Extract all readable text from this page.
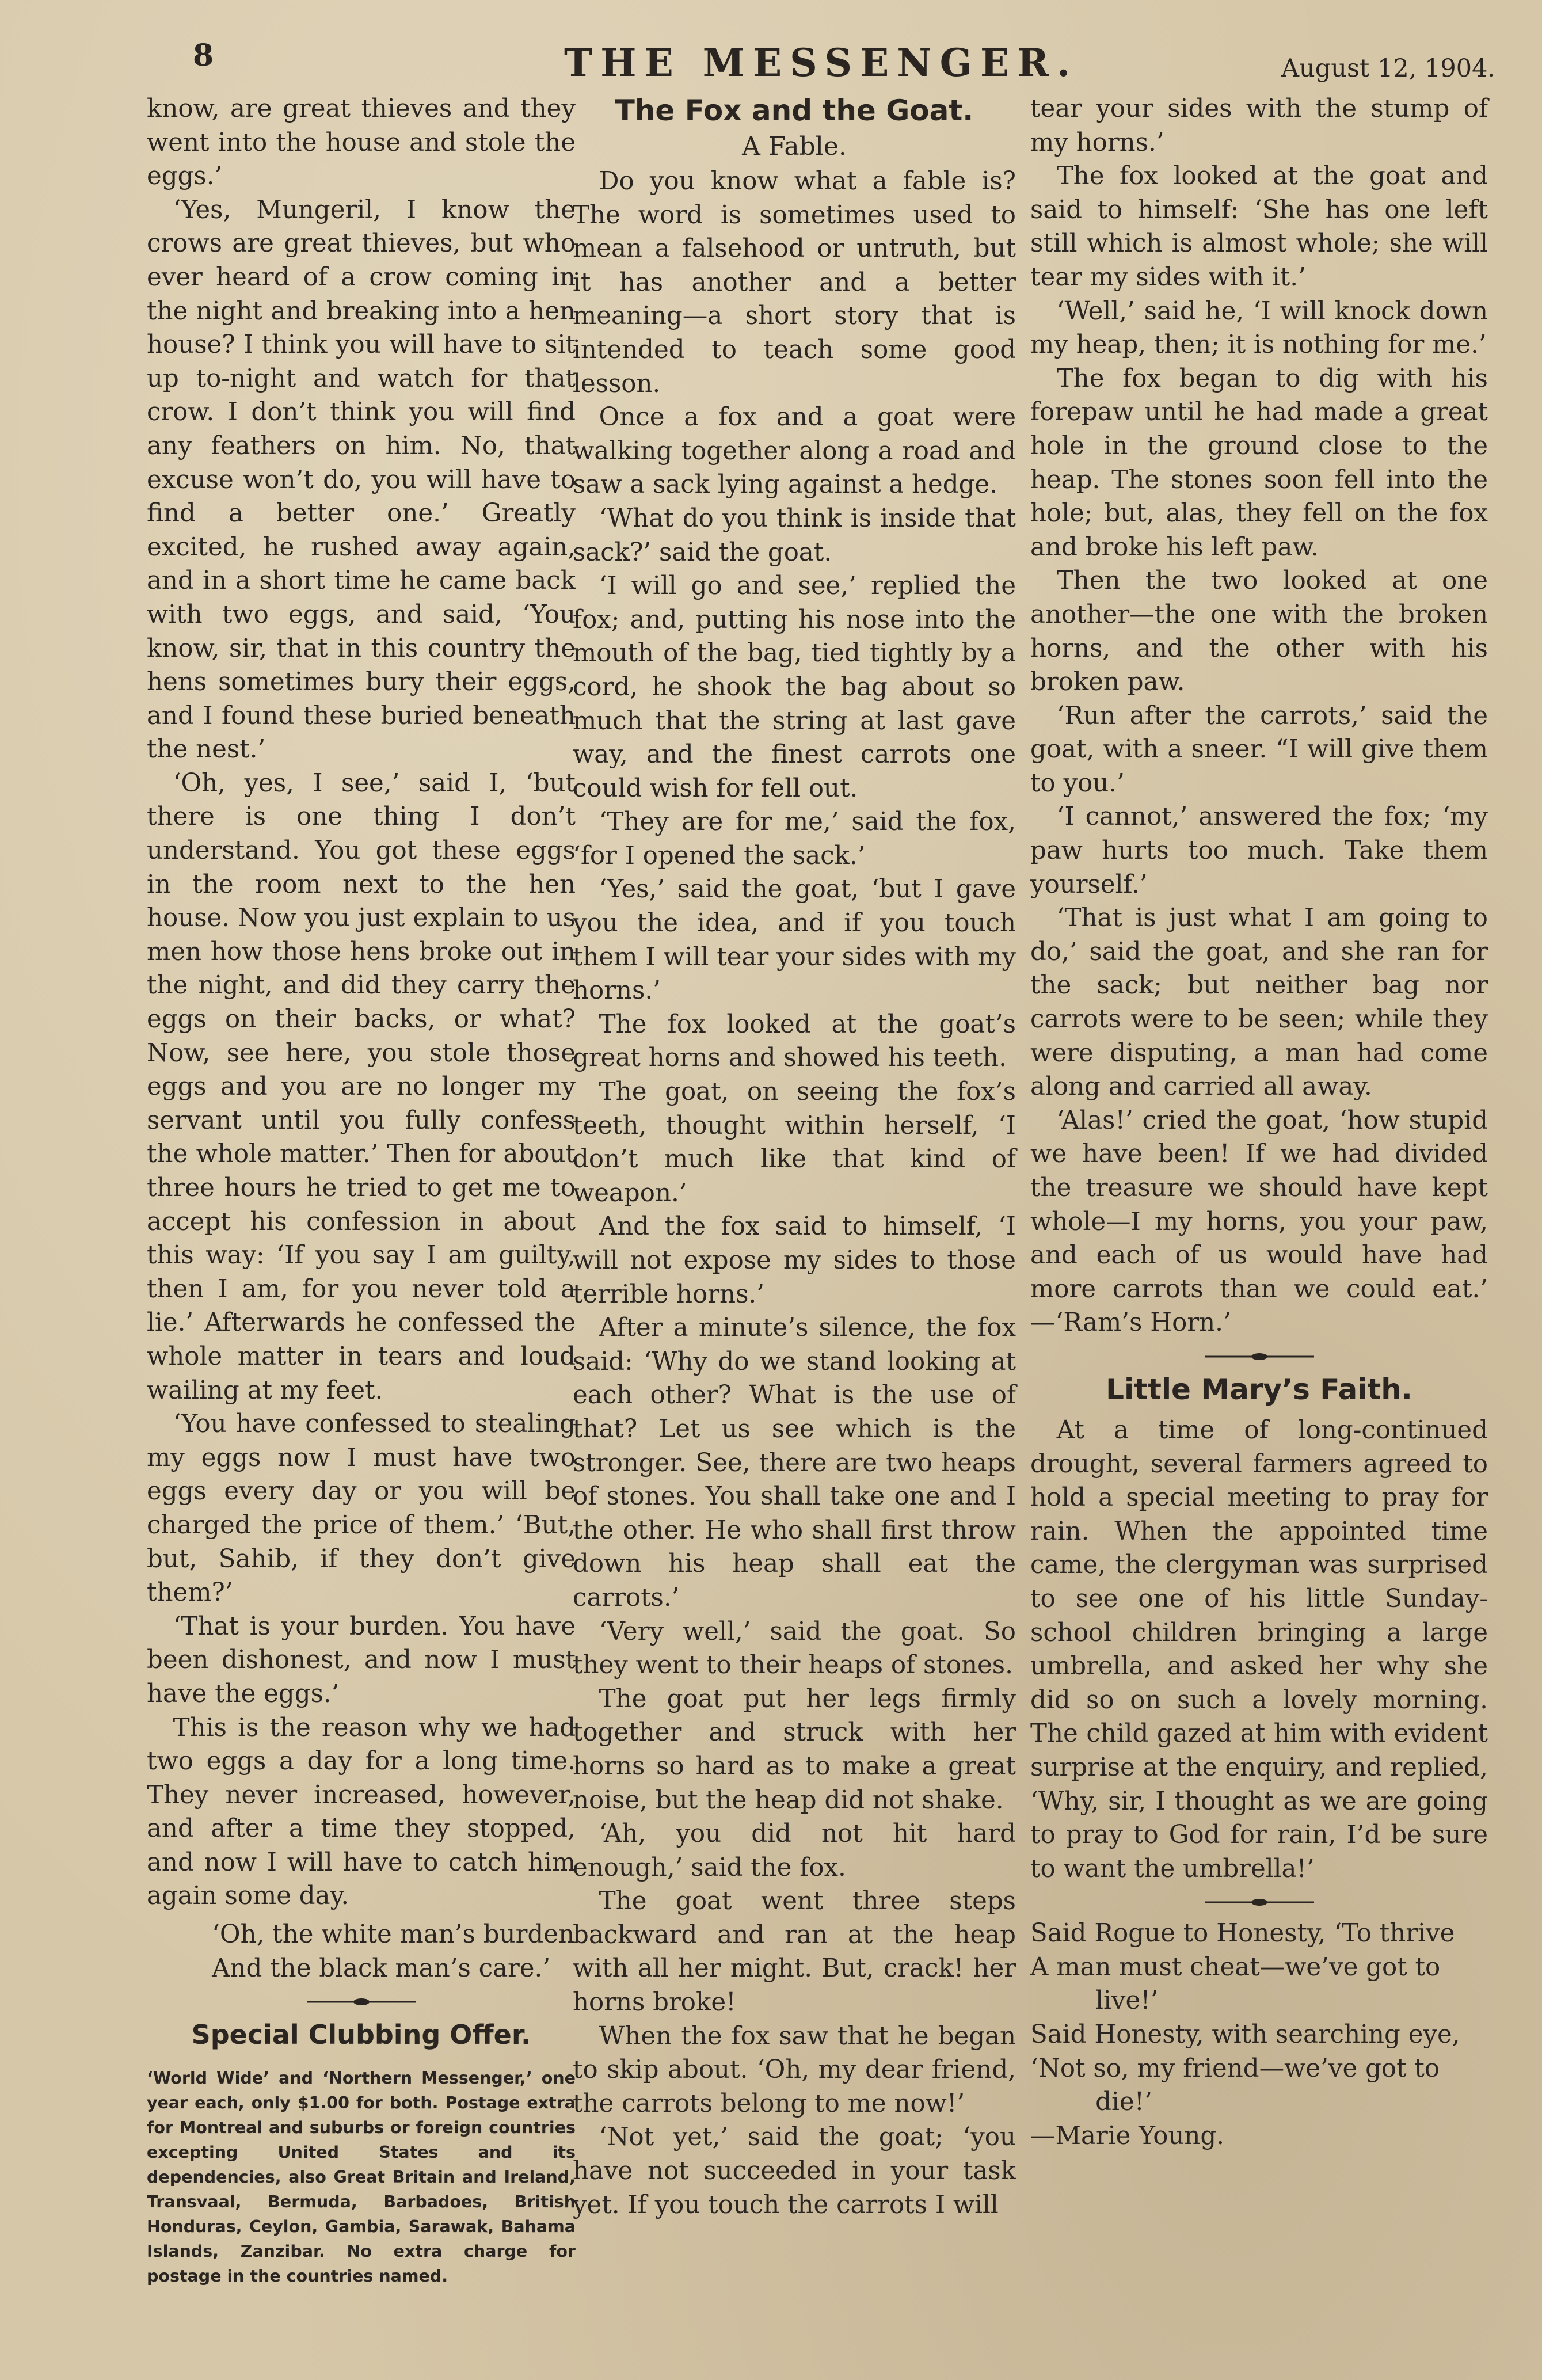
8	THE MESSENGER.	August 12, 1904.

know, are great thieves and they went into the house and stole the eggs.’

‘Yes, Mungeril, I know the crows are great thieves, but who ever heard of a crow coming in the night and breaking into a hen house? I think you will have to sit up to-night and watch for that crow. I don’t think you will find any feathers on him. No, that excuse won’t do, you will have to find a better one.’ Greatly excited, he rushed away again, and in a short time he came back with two eggs, and said, ‘You know, sir, that in this country the hens sometimes bury their eggs, and I found these buried beneath the nest.’

‘Oh, yes, I see,’ said I, ‘but there is one thing I don’t understand. You got these eggs in the room next to the hen house. Now you just explain to us men how those hens broke out in the night, and did they carry the eggs on their backs, or what? Now, see here, you stole those eggs and you are no longer my servant until you fully confess the whole matter.’ Then for about three hours he tried to get me to accept his confession in about this way: ‘If you say I am guilty, then I am, for you never told a lie.’ Afterwards he confessed the whole matter in tears and loud wailing at my feet.

‘You have confessed to stealing my eggs now I must have two eggs every day or you will be charged the price of them.’ ‘But, but, Sahib, if they don’t give them?’

‘That is your burden. You have been dishonest, and now I must have the eggs.’

This is the reason why we had two eggs a day for a long time. They never increased, however, and after a time they stopped, and now I will have to catch him again some day.

‘Oh, the white man’s burden

And the black man’s care.’

Special Clubbing Offer.

‘World Wide’ and ‘Northern Messenger,’ one year each, only $1.00 for both. Postage extra for Montreal and suburbs or foreign countries excepting United States and its dependencies, also Great Britain and Ireland, Transvaal, Bermuda, Barbadoes, British Honduras, Ceylon, Gambia, Sarawak, Bahama Islands, Zanzibar. No extra charge for postage in the countries named.

The Fox and the Goat.

A Fable.

Do you know what a fable is? The word is sometimes used to mean a falsehood or untruth, but it has another and a better meaning—a short story that is intended to teach some good lesson.

Once a fox and a goat were walking together along a road and saw a sack lying against a hedge.

‘What do you think is inside that sack?’ said the goat.

‘I will go and see,’ replied the fox; and, putting his nose into the mouth of the bag, tied tightly by a cord, he shook the bag about so much that the string at last gave way, and the finest carrots one could wish for fell out.

‘They are for me,’ said the fox, ‘for I opened the sack.’

‘Yes,’ said the goat, ‘but I gave you the idea, and if you touch them I will tear your sides with my horns.’

The fox looked at the goat’s great horns and showed his teeth.

The goat, on seeing the fox’s teeth, thought within herself, ‘I don’t much like that kind of weapon.’

And the fox said to himself, ‘I will not expose my sides to those terrible horns.’

After a minute’s silence, the fox said: ‘Why do we stand looking at each other? What is the use of that? Let us see which is the stronger. See, there are two heaps of stones. You shall take one and I the other. He who shall first throw down his heap shall eat the carrots.’

‘Very well,’ said the goat. So they went to their heaps of stones.

The goat put her legs firmly together and struck with her horns so hard as to make a great noise, but the heap did not shake.

‘Ah, you did not hit hard enough,’ said the fox.

The goat went three steps backward and ran at the heap with all her might. But, crack! her horns broke!

When the fox saw that he began to skip about. ‘Oh, my dear friend, the carrots belong to me now!’

‘Not yet,’ said the goat; ‘you have not succeeded in your task yet. If you touch the carrots I will

tear your sides with the stump of my horns.’

The fox looked at the goat and said to himself: ‘She has one left still which is almost whole; she will tear my sides with it.’

‘Well,’ said he, ‘I will knock down my heap, then; it is nothing for me.’

The fox began to dig with his forepaw until he had made a great hole in the ground close to the heap. The stones soon fell into the hole; but, alas, they fell on the fox and broke his left paw.

Then the two looked at one another—the one with the broken horns, and the other with his broken paw.

‘Run after the carrots,’ said the goat, with a sneer. “I will give them to you.’

‘I cannot,’ answered the fox; ‘my paw hurts too much. Take them yourself.’

‘That is just what I am going to do,’ said the goat, and she ran for the sack; but neither bag nor carrots were to be seen; while they were disputing, a man had come along and carried all away.

‘Alas!’ cried the goat, ‘how stupid we have been! If we had divided the treasure we should have kept whole—I my horns, you your paw, and each of us would have had more carrots than we could eat.’ —‘Ram’s Horn.’

Little Mary’s Faith.

At a time of long-continued drought, several farmers agreed to hold a special meeting to pray for rain. When the appointed time came, the clergyman was surprised to see one of his little Sunday-school children bringing a large umbrella, and asked her why she did so on such a lovely morning. The child gazed at him with evident surprise at the enquiry, and replied, ‘Why, sir, I thought as we are going to pray to God for rain, I’d be sure to want the umbrella!’

Said Rogue to Honesty, ‘To thrive

A man must cheat—we’ve got to

live!’

Said Honesty, with searching eye,

‘Not so, my friend—we’ve got to

die!’

—Marie Young.
